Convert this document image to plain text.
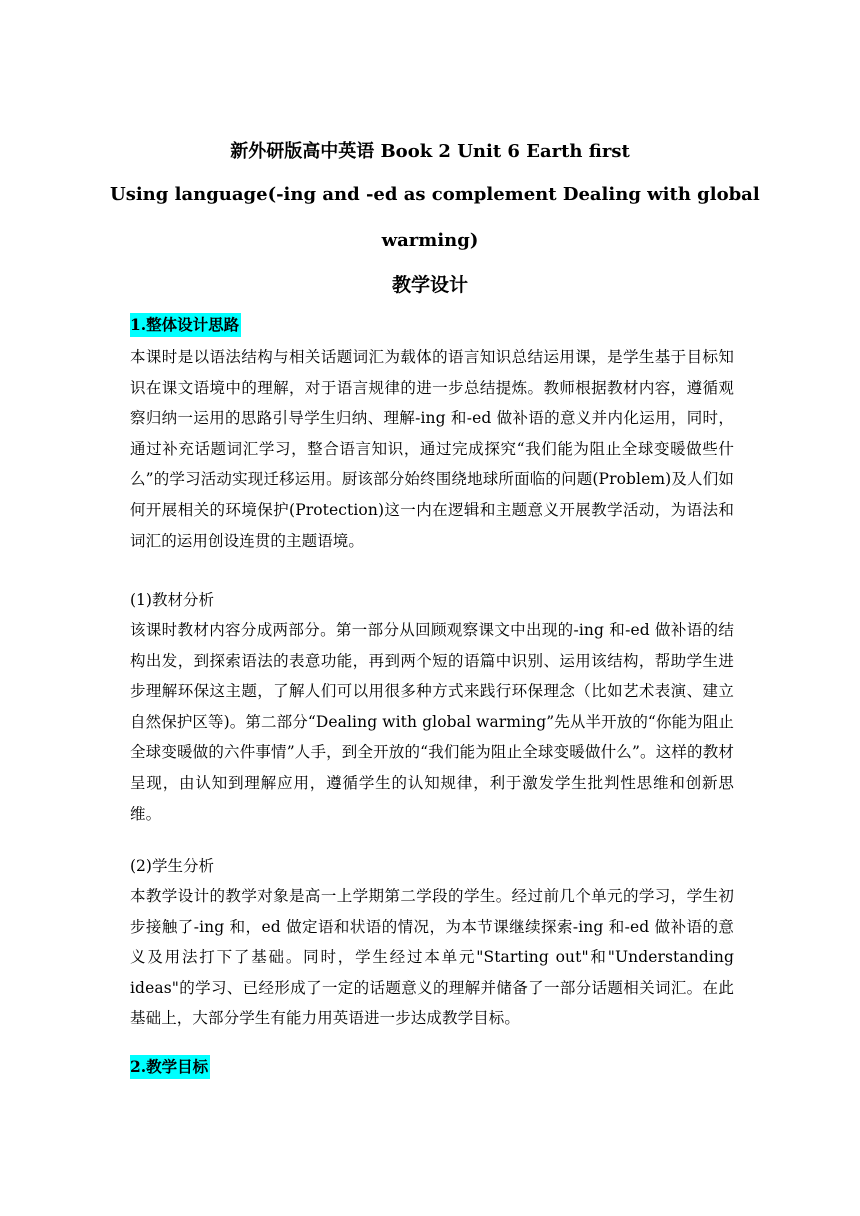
新外研版高中英语 Book 2 Unit 6 Earth first
Using language(-ing and -ed as complement Dealing with global
warming)
教学设计
1.整体设计思路
本课时是以语法结构与相关话题词汇为载体的语言知识总结运用课，是学生基于目标知识在课文语境中的理解，对于语言规律的进一步总结提炼。教师根据教材内容，遵循观察归纳一运用的思路引导学生归纳、理解-ing 和-ed 做补语的意义并内化运用，同时，通过补充话题词汇学习，整合语言知识，通过完成探究“我们能为阻止全球变暖做些什么”的学习活动实现迁移运用。厨该部分始终围绕地球所面临的问题(Problem)及人们如何开展相关的环境保护(Protection)这一内在逻辑和主题意义开展教学活动，为语法和词汇的运用创设连贯的主题语境。
(1)教材分析
该课时教材内容分成两部分。第一部分从回顾观察课文中出现的-ing 和-ed 做补语的结构出发，到探索语法的表意功能，再到两个短的语篇中识别、运用该结构，帮助学生进步理解环保这主题，了解人们可以用很多种方式来践行环保理念（比如艺术表演、建立自然保护区等)。第二部分“Dealing with global warming”先从半开放的“你能为阻止全球变暖做的六件事情”人手，到全开放的“我们能为阻止全球变暖做什么”。这样的教材呈现，由认知到理解应用，遵循学生的认知规律，利于激发学生批判性思维和创新思维。
(2)学生分析
本教学设计的教学对象是高一上学期第二学段的学生。经过前几个单元的学习，学生初步接触了-ing 和，ed 做定语和状语的情况，为本节课继续探索-ing 和-ed 做补语的意义及用法打下了基础。同时，学生经过本单元"Starting out"和"Understanding ideas"的学习、已经形成了一定的话题意义的理解并储备了一部分话题相关词汇。在此基础上，大部分学生有能力用英语进一步达成教学目标。
2.教学目标
